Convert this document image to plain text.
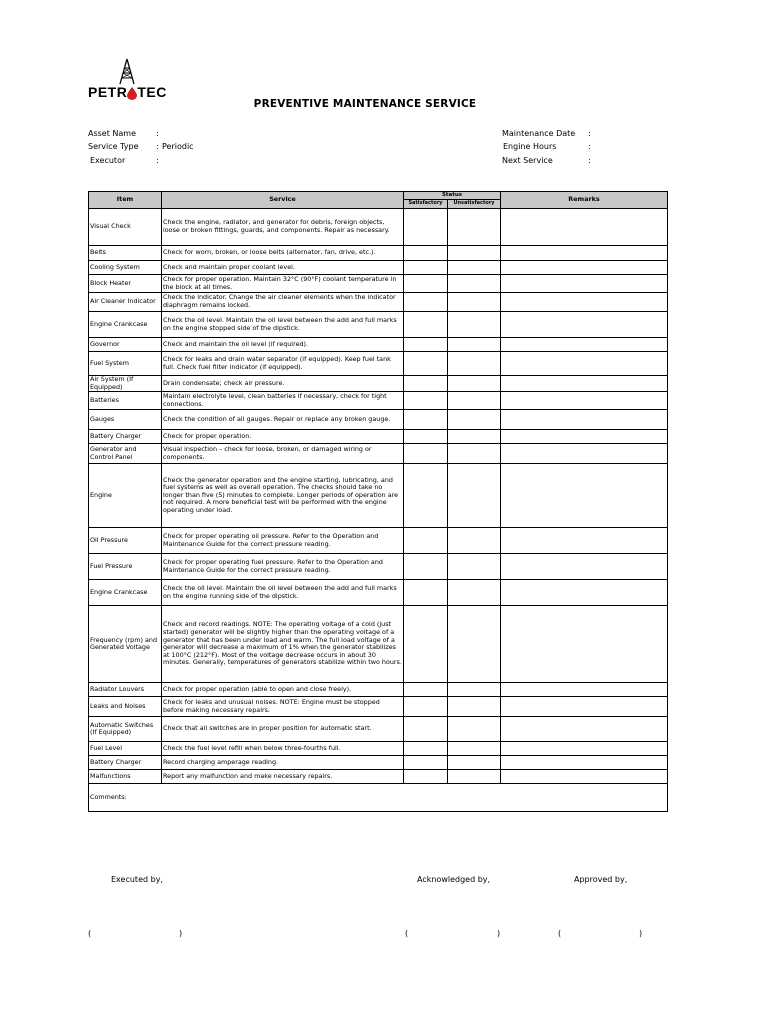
PETR TEC
PREVENTIVE MAINTENANCE SERVICE
Asset Name :
Service Type : Periodic
Executor	:
Maintenance Date :
Engine Hours	:
Next Service	:
Item	Service	Status		Remarks
		Satisfactory	Unsatisfactory	
Visual Check	Check the engine, radiator, and generator for debris, foreign objects, loose or broken fittings, guards, and components. Repair as necessary.			
Belts	Check for worn, broken, or loose belts (alternator, fan, drive, etc.).			
Cooling System	Check and maintain proper coolant level.			
Block Heater	Check for proper operation. Maintain 32°C (90°F) coolant temperature in the block at all times.			
Air Cleaner Indicator	Check the indicator. Change the air cleaner elements when the indicator diaphragm remains locked.			
Engine Crankcase	Check the oil level. Maintain the oil level between the add and full marks on the engine stopped side of the dipstick.			
Governor	Check and maintain the oil level (if required).			
Fuel System	Check for leaks and drain water separator (if equipped). Keep fuel tank full. Check fuel filter indicator (if equipped).			
Air System (If Equipped)	Drain condensate; check air pressure.			
Batteries	Maintain electrolyte level, clean batteries if necessary, check for tight connections.			
Gauges	Check the condition of all gauges. Repair or replace any broken gauge.			
Battery Charger	Check for proper operation.			
Generator and Control Panel	Visual inspection – check for loose, broken, or damaged wiring or components.			
Engine	Check the generator operation and the engine starting, lubricating, and fuel systems as well as overall operation. The checks should take no longer than five (5) minutes to complete. Longer periods of operation are not required. A more beneficial test will be performed with the engine operating under load.			
Oil Pressure	Check for proper operating oil pressure. Refer to the Operation and Maintenance Guide for the correct pressure reading.			
Fuel Pressure	Check for proper operating fuel pressure. Refer to the Operation and Maintenance Guide for the correct pressure reading.			
Engine Crankcase	Check the oil level. Maintain the oil level between the add and full marks on the engine running side of the dipstick.			
Frequency (rpm) and Generated Voltage	Check and record readings. NOTE: The operating voltage of a cold (just started) generator will be slightly higher than the operating voltage of a generator that has been under load and warm. The full load voltage of a generator will decrease a maximum of 1% when the generator stabilizes at 100°C (212°F). Most of the voltage decrease occurs in about 30 minutes. Generally, temperatures of generators stabilize within two hours.			
Radiator Louvers	Check for proper operation (able to open and close freely).			
Leaks and Noises	Check for leaks and unusual noises. NOTE: Engine must be stopped before making necessary repairs.			
Automatic Switches (If Equipped)	Check that all switches are in proper position for automatic start.			
Fuel Level	Check the fuel level refill when below three-fourths full.			
Battery Charger	Record charging amperage reading.			
Malfunctions	Report any malfunction and make necessary repairs.			
Comments:				
Executed by,	Acknowledged by,	Approved by,
(	)	(	)	(	)
